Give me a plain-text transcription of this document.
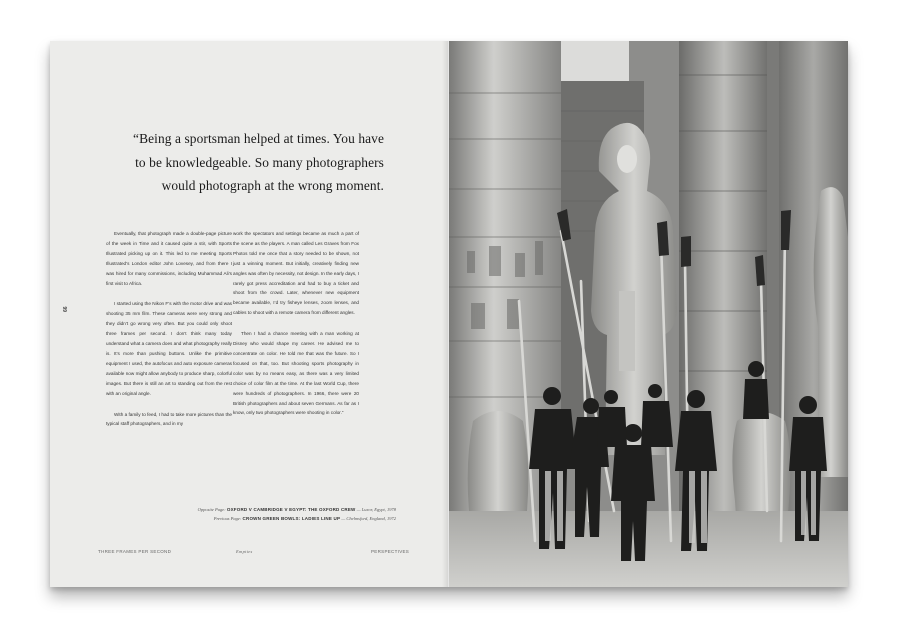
66
“Being a sportsman helped at times. You have to be knowledgeable. So many photographers would photograph at the wrong moment.

Eventually, that photograph made a double-page picture of the week in Time and it caused quite a stir, with Sports Illustrated picking up on it. This led to me meeting Sports Illustrated’s London editor John Lovesey, and from there I was hired for many commissions, including Muhammad Ali’s first visit to Africa.

I started using the Nikon F’s with the motor drive and was shooting 35 mm film. These cameras were very strong and they didn’t go wrong very often. But you could only shoot three frames per second. I don’t think many today understand what a camera does and what photography really is. It’s more than pushing buttons. Unlike the primitive equipment I used, the autofocus and auto exposure cameras available now might allow anybody to produce sharp, colorful images. But there is still an art to standing out from the rest with an original angle.

With a family to feed, I had to take more pictures than the typical staff photographers, and in my

work the spectators and settings became as much a part of the scene as the players. A man called Les Graves from Fox Photos told me once that a story needed to be shown, not just a winning moment. But initially, creatively finding new angles was often by necessity, not design. In the early days, I rarely got press accreditation and had to buy a ticket and shoot from the crowd. Later, whenever new equipment became available, I’d try fisheye lenses, zoom lenses, and cables to shoot with a remote camera from different angles.

Then I had a chance meeting with a man working at Disney who would shape my career. He advised me to concentrate on color. He told me that was the future. So I focused on that, too. But shooting sports photography in color was by no means easy, as there was a very limited choice of color film at the time. At the last World Cup, there were hundreds of photographers. In 1966, there were 20 British photographers and about seven Germans. As far as I know, only two photographers were shooting in color.”

Opposite Page: OXFORD V CAMBRIDGE V EGYPT: THE OXFORD CREW — Luxor, Egypt, 1978
Previous Page: CROWN GREEN BOWLS: LADIES LINE UP — Chelmsford, England, 1972
THREE FRAMES PER SECOND	Empties	PERSPECTIVES
